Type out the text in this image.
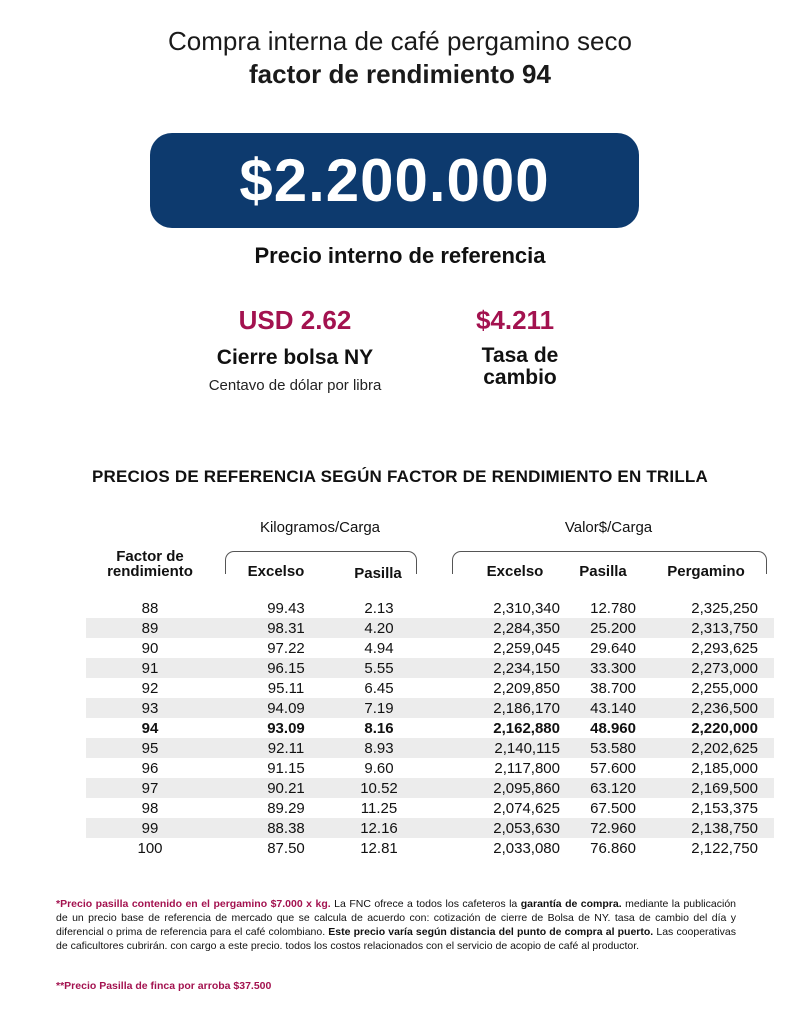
Compra interna de café pergamino seco
factor de rendimiento 94
$2.200.000
Precio interno de referencia
USD 2.62
Cierre bolsa NY
Centavo de dólar por libra
$4.211
Tasa de
cambio
PRECIOS DE REFERENCIA SEGÚN FACTOR DE RENDIMIENTO EN TRILLA
Kilogramos/Carga	Valor$/Carga
Factor de
rendimiento	Excelso	Pasilla	Excelso	Pasilla	Pergamino
88	99.43	2.13	2,310,340	12.780	2,325,250
89	98.31	4.20	2,284,350	25.200	2,313,750
90	97.22	4.94	2,259,045	29.640	2,293,625
91	96.15	5.55	2,234,150	33.300	2,273,000
92	95.11	6.45	2,209,850	38.700	2,255,000
93	94.09	7.19	2,186,170	43.140	2,236,500
94	93.09	8.16	2,162,880	48.960	2,220,000
95	92.11	8.93	2,140,115	53.580	2,202,625
96	91.15	9.60	2,117,800	57.600	2,185,000
97	90.21	10.52	2,095,860	63.120	2,169,500
98	89.29	11.25	2,074,625	67.500	2,153,375
99	88.38	12.16	2,053,630	72.960	2,138,750
100	87.50	12.81	2,033,080	76.860	2,122,750
*Precio pasilla contenido en el pergamino $7.000 x kg. La FNC ofrece a todos los cafeteros la garantía de compra. mediante la publicación de un precio base de referencia de mercado que se calcula de acuerdo con: cotización de cierre de Bolsa de NY. tasa de cambio del día y diferencial o prima de referencia para el café colombiano. Este precio varía según distancia del punto de compra al puerto. Las cooperativas de caficultores cubrirán. con cargo a este precio. todos los costos relacionados con el servicio de acopio de café al productor.
**Precio Pasilla de finca por arroba $37.500
